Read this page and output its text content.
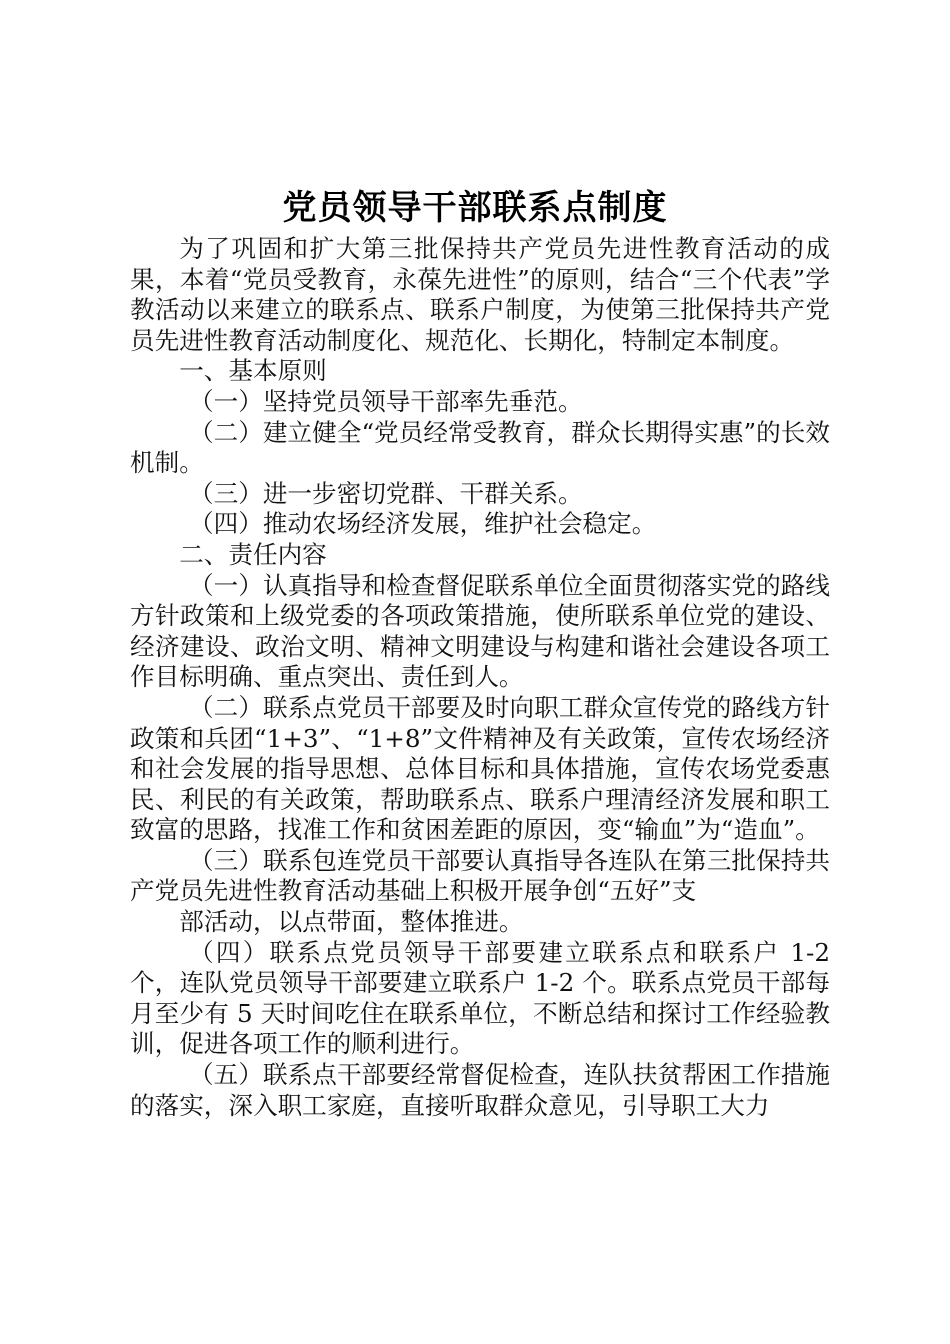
党员领导干部联系点制度

为了巩固和扩大第三批保持共产党员先进性教育活动的成果，本着“党员受教育，永葆先进性”的原则，结合“三个代表”学教活动以来建立的联系点、联系户制度，为使第三批保持共产党员先进性教育活动制度化、规范化、长期化，特制定本制度。

一、基本原则

（一）坚持党员领导干部率先垂范。

（二）建立健全“党员经常受教育，群众长期得实惠”的长效机制。

（三）进一步密切党群、干群关系。

（四）推动农场经济发展，维护社会稳定。

二、责任内容

（一）认真指导和检查督促联系单位全面贯彻落实党的路线方针政策和上级党委的各项政策措施，使所联系单位党的建设、经济建设、政治文明、精神文明建设与构建和谐社会建设各项工作目标明确、重点突出、责任到人。

（二）联系点党员干部要及时向职工群众宣传党的路线方针政策和兵团“1+3”、“1+8”文件精神及有关政策，宣传农场经济和社会发展的指导思想、总体目标和具体措施，宣传农场党委惠民、利民的有关政策，帮助联系点、联系户理清经济发展和职工致富的思路，找准工作和贫困差距的原因，变“输血”为“造血”。

（三）联系包连党员干部要认真指导各连队在第三批保持共产党员先进性教育活动基础上积极开展争创“五好”支

部活动，以点带面，整体推进。

（四）联系点党员领导干部要建立联系点和联系户 1-2 个，连队党员领导干部要建立联系户 1-2 个。联系点党员干部每月至少有 5 天时间吃住在联系单位，不断总结和探讨工作经验教训，促进各项工作的顺利进行。

（五）联系点干部要经常督促检查，连队扶贫帮困工作措施的落实，深入职工家庭，直接听取群众意见，引导职工大力
